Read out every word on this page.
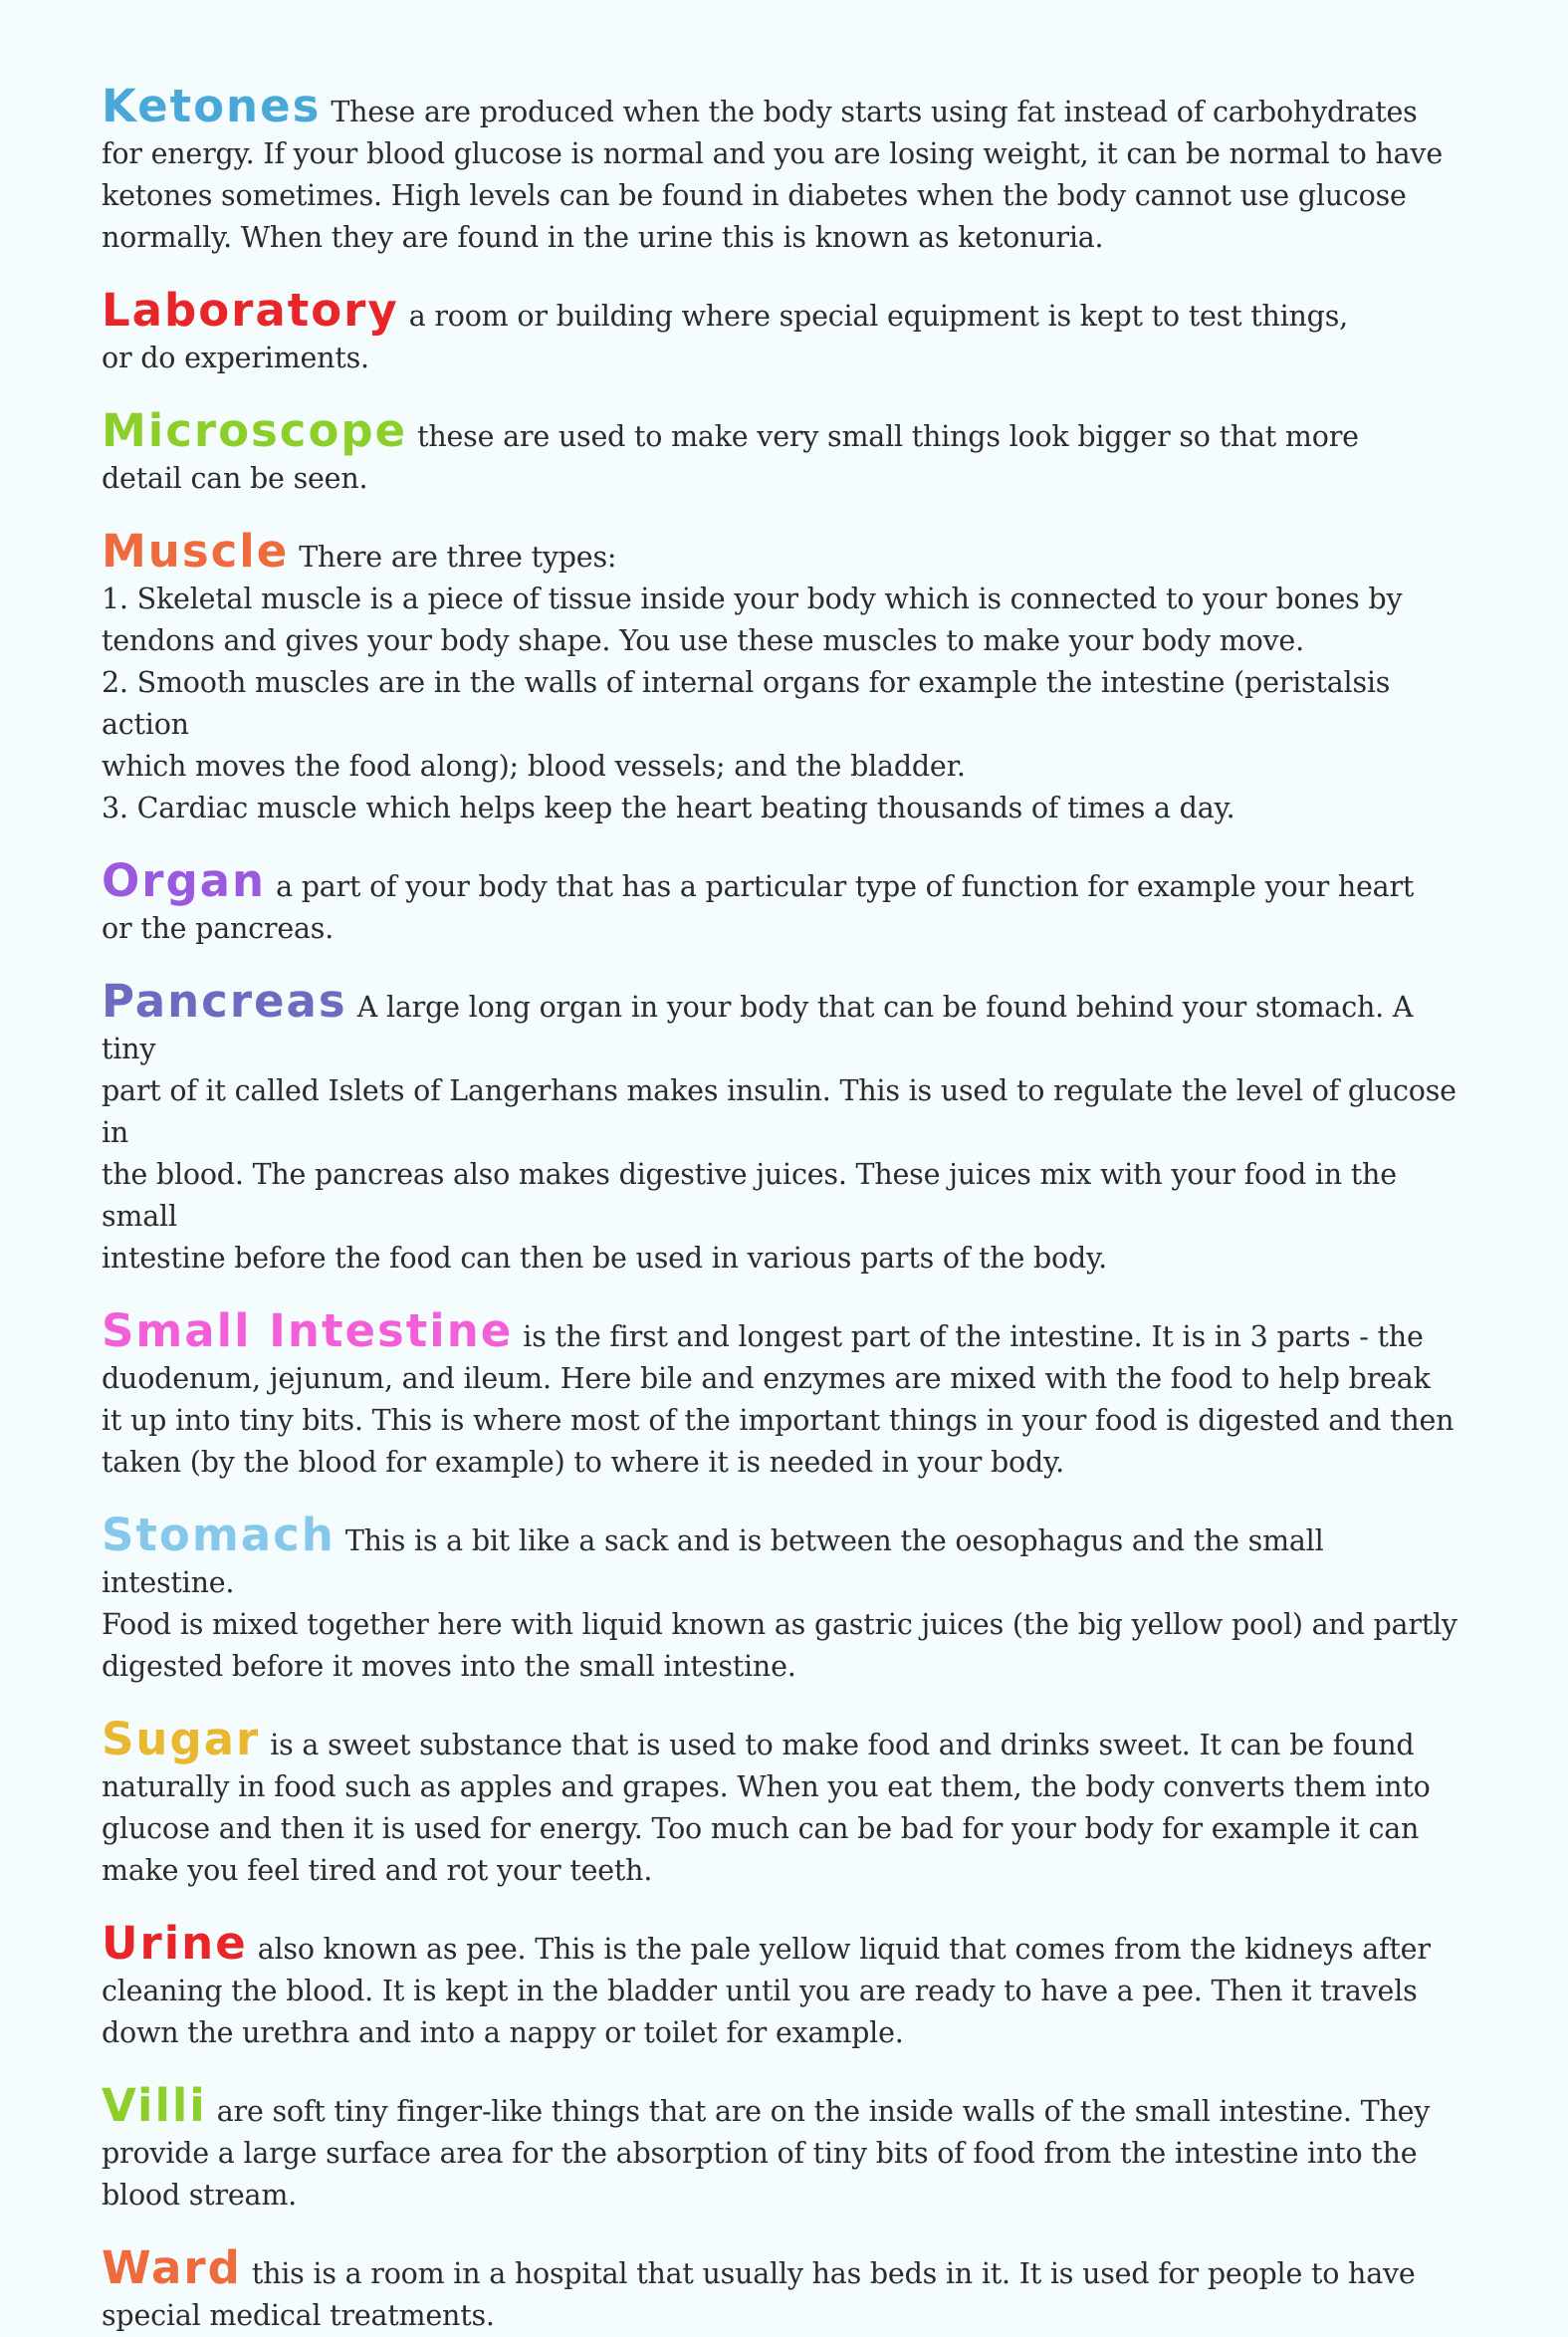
Ketones These are produced when the body starts using fat instead of carbohydrates
for energy. If your blood glucose is normal and you are losing weight, it can be normal to have
ketones sometimes. High levels can be found in diabetes when the body cannot use glucose
normally. When they are found in the urine this is known as ketonuria.
Laboratory a room or building where special equipment is kept to test things,
or do experiments.
Microscope these are used to make very small things look bigger so that more
detail can be seen.
Muscle There are three types:
1. Skeletal muscle is a piece of tissue inside your body which is connected to your bones by
tendons and gives your body shape. You use these muscles to make your body move.
2. Smooth muscles are in the walls of internal organs for example the intestine (peristalsis action
which moves the food along); blood vessels; and the bladder.
3. Cardiac muscle which helps keep the heart beating thousands of times a day.
Organ a part of your body that has a particular type of function for example your heart
or the pancreas.
Pancreas A large long organ in your body that can be found behind your stomach. A tiny
part of it called Islets of Langerhans makes insulin. This is used to regulate the level of glucose in
the blood. The pancreas also makes digestive juices. These juices mix with your food in the small
intestine before the food can then be used in various parts of the body.
Small Intestine is the first and longest part of the intestine. It is in 3 parts - the
duodenum, jejunum, and ileum. Here bile and enzymes are mixed with the food to help break
it up into tiny bits. This is where most of the important things in your food is digested and then
taken (by the blood for example) to where it is needed in your body.
Stomach This is a bit like a sack and is between the oesophagus and the small intestine.
Food is mixed together here with liquid known as gastric juices (the big yellow pool) and partly
digested before it moves into the small intestine.
Sugar is a sweet substance that is used to make food and drinks sweet. It can be found
naturally in food such as apples and grapes. When you eat them, the body converts them into
glucose and then it is used for energy. Too much can be bad for your body for example it can
make you feel tired and rot your teeth.
Urine also known as pee. This is the pale yellow liquid that comes from the kidneys after
cleaning the blood. It is kept in the bladder until you are ready to have a pee. Then it travels
down the urethra and into a nappy or toilet for example.
Villi are soft tiny finger-like things that are on the inside walls of the small intestine. They
provide a large surface area for the absorption of tiny bits of food from the intestine into the
blood stream.
Ward this is a room in a hospital that usually has beds in it. It is used for people to have
special medical treatments.
